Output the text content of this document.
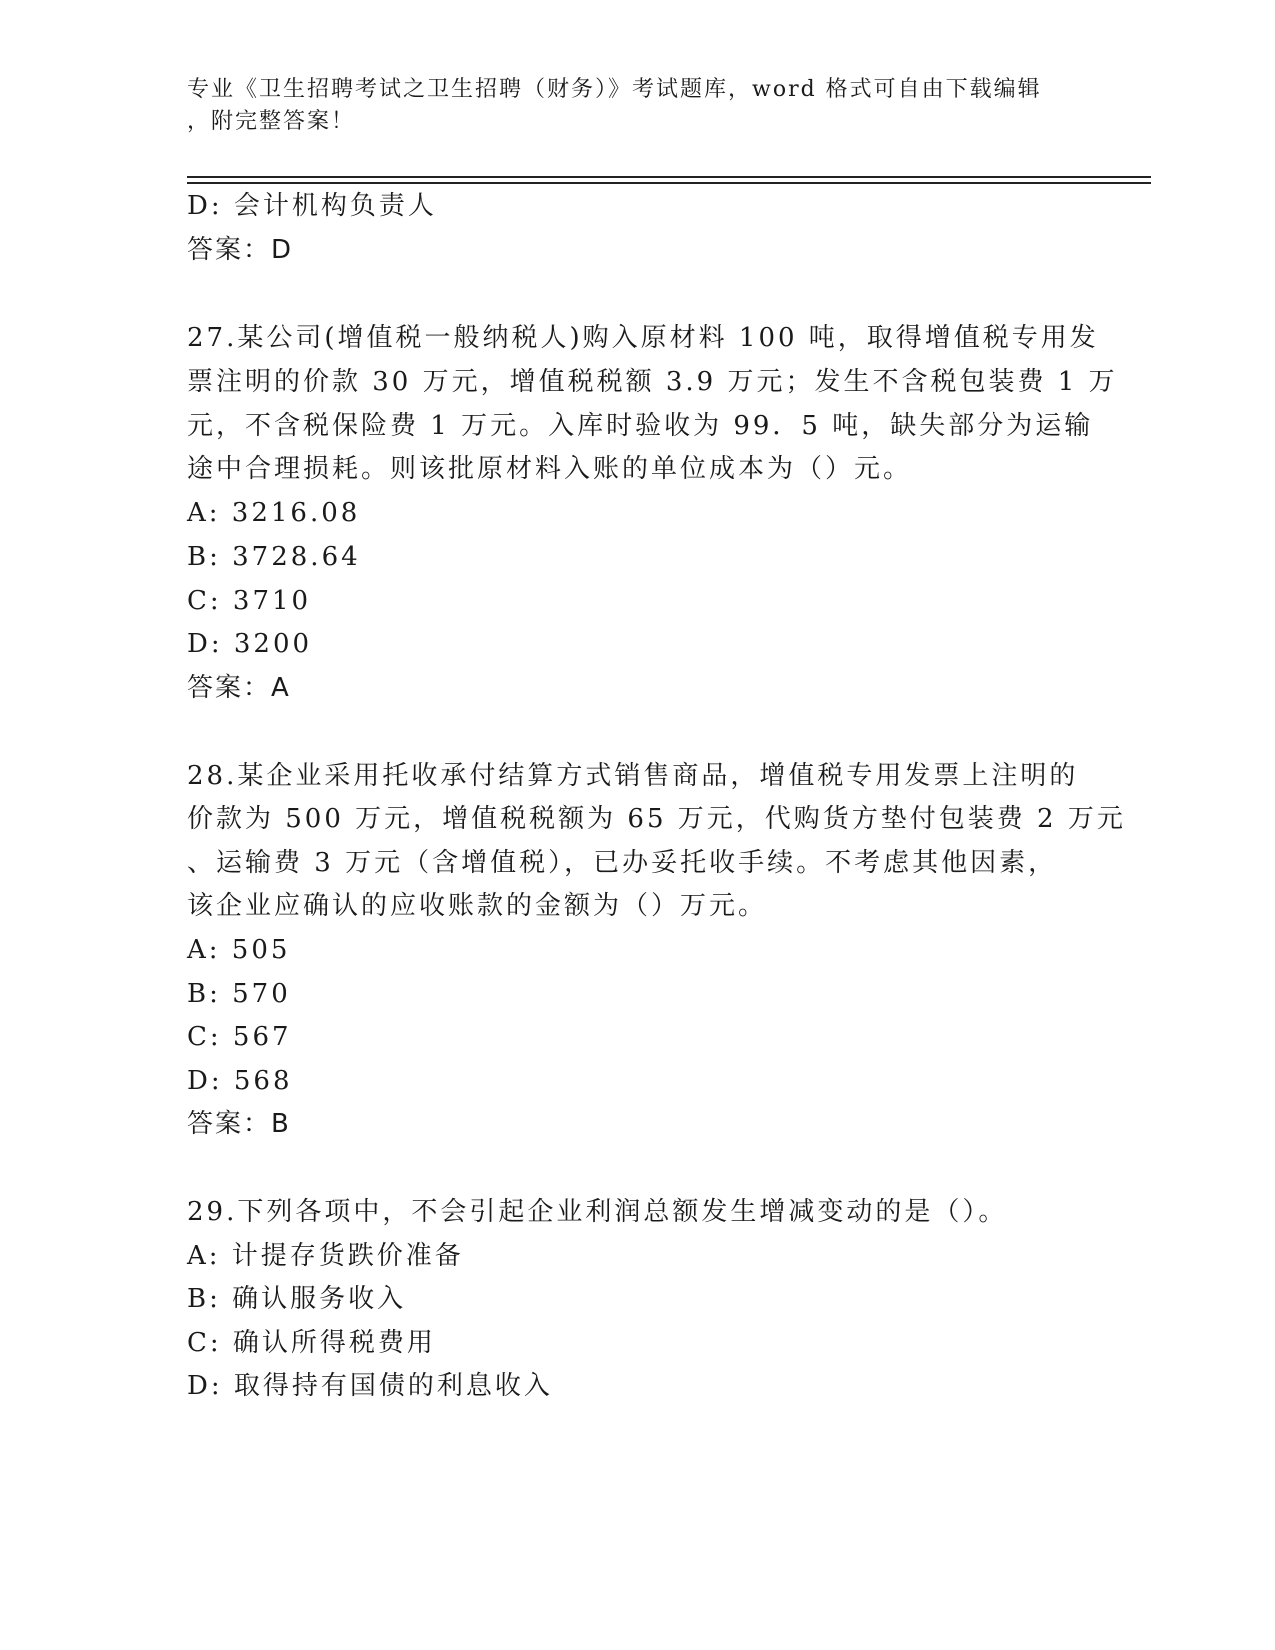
专业《卫生招聘考试之卫生招聘（财务）》考试题库，word 格式可自由下载编辑
，附完整答案！
D: 会计机构负责人
答案：D
27.某公司(增值税一般纳税人)购入原材料 100 吨，取得增值税专用发
票注明的价款 30 万元，增值税税额 3.9 万元；发生不含税包装费 1 万
元，不含税保险费 1 万元。入库时验收为 99．5 吨，缺失部分为运输
途中合理损耗。则该批原材料入账的单位成本为（）元。
A: 3216.08
B: 3728.64
C: 3710
D: 3200
答案：A
28.某企业采用托收承付结算方式销售商品，增值税专用发票上注明的
价款为 500 万元，增值税税额为 65 万元，代购货方垫付包装费 2 万元
、运输费 3 万元（含增值税），已办妥托收手续。不考虑其他因素，
该企业应确认的应收账款的金额为（）万元。
A: 505
B: 570
C: 567
D: 568
答案：B
29.下列各项中，不会引起企业利润总额发生增减变动的是（）。
A: 计提存货跌价准备
B: 确认服务收入
C: 确认所得税费用
D: 取得持有国债的利息收入
